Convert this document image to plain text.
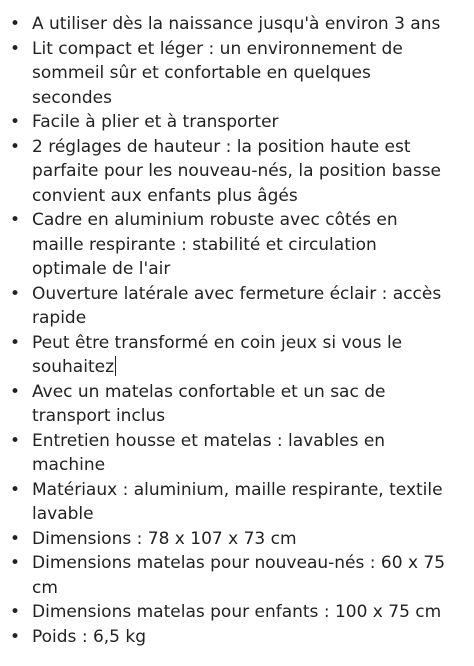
• A utiliser dès la naissance jusqu'à environ 3 ans
• Lit compact et léger : un environnement de sommeil sûr et confortable en quelques secondes
• Facile à plier et à transporter
• 2 réglages de hauteur : la position haute est parfaite pour les nouveau-nés, la position basse convient aux enfants plus âgés
• Cadre en aluminium robuste avec côtés en maille respirante : stabilité et circulation optimale de l'air
• Ouverture latérale avec fermeture éclair : accès rapide
• Peut être transformé en coin jeux si vous le souhaitez
• Avec un matelas confortable et un sac de transport inclus
• Entretien housse et matelas : lavables en machine
• Matériaux : aluminium, maille respirante, textile lavable
• Dimensions : 78 x 107 x 73 cm
• Dimensions matelas pour nouveau-nés : 60 x 75 cm
• Dimensions matelas pour enfants : 100 x 75 cm
• Poids : 6,5 kg
